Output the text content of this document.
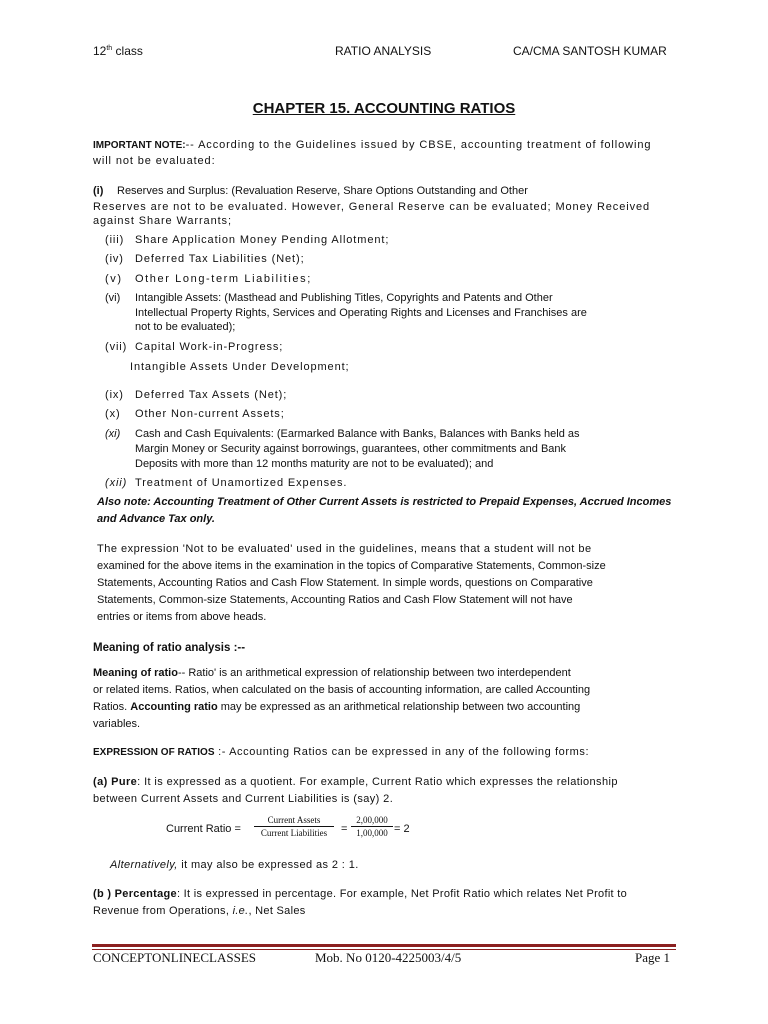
12th class	RATIO ANALYSIS	CA/CMA SANTOSH KUMAR
CHAPTER 15. ACCOUNTING RATIOS
IMPORTANT NOTE:-- According to the Guidelines issued by CBSE, accounting treatment of following
will not be evaluated:
(i) Reserves and Surplus: (Revaluation Reserve, Share Options Outstanding and Other
Reserves are not to be evaluated. However, General Reserve can be evaluated; Money Received
against Share Warrants;
(iii) Share Application Money Pending Allotment;
(iv) Deferred Tax Liabilities (Net);
(v) Other Long-term Liabilities;
(vi) Intangible Assets: (Masthead and Publishing Titles, Copyrights and Patents and Other
Intellectual Property Rights, Services and Operating Rights and Licenses and Franchises are
not to be evaluated);
(vii) Capital Work-in-Progress;
Intangible Assets Under Development;
(ix) Deferred Tax Assets (Net);
(x) Other Non-current Assets;
(xi) Cash and Cash Equivalents: (Earmarked Balance with Banks, Balances with Banks held as
Margin Money or Security against borrowings, guarantees, other commitments and Bank
Deposits with more than 12 months maturity are not to be evaluated); and
(xii) Treatment of Unamortized Expenses.
Also note: Accounting Treatment of Other Current Assets is restricted to Prepaid Expenses, Accrued Incomes
and Advance Tax only.
The expression 'Not to be evaluated' used in the guidelines, means that a student will not be
examined for the above items in the examination in the topics of Comparative Statements, Common-size
Statements, Accounting Ratios and Cash Flow Statement. In simple words, questions on Comparative
Statements, Common-size Statements, Accounting Ratios and Cash Flow Statement will not have
entries or items from above heads.
Meaning of ratio analysis :--
Meaning of ratio-- Ratio' is an arithmetical expression of relationship between two interdependent
or related items. Ratios, when calculated on the basis of accounting information, are called Accounting
Ratios. Accounting ratio may be expressed as an arithmetical relationship between two accounting
variables.
EXPRESSION OF RATIOS :- Accounting Ratios can be expressed in any of the following forms:
(a) Pure: It is expressed as a quotient. For example, Current Ratio which expresses the relationship
between Current Assets and Current Liabilities is (say) 2.
Current Ratio =
Current Assets
Current Liabilities	= $\frac{2,00,000}{1,00,000} = 2$
Alternatively, it may also be expressed as 2 : 1.
(b ) Percentage: It is expressed in percentage. For example, Net Profit Ratio which relates Net Profit to
Revenue from Operations, i.e., Net Sales
CONCEPTONLINECLASSES	Mob. No 0120-4225003/4/5	Page 1
